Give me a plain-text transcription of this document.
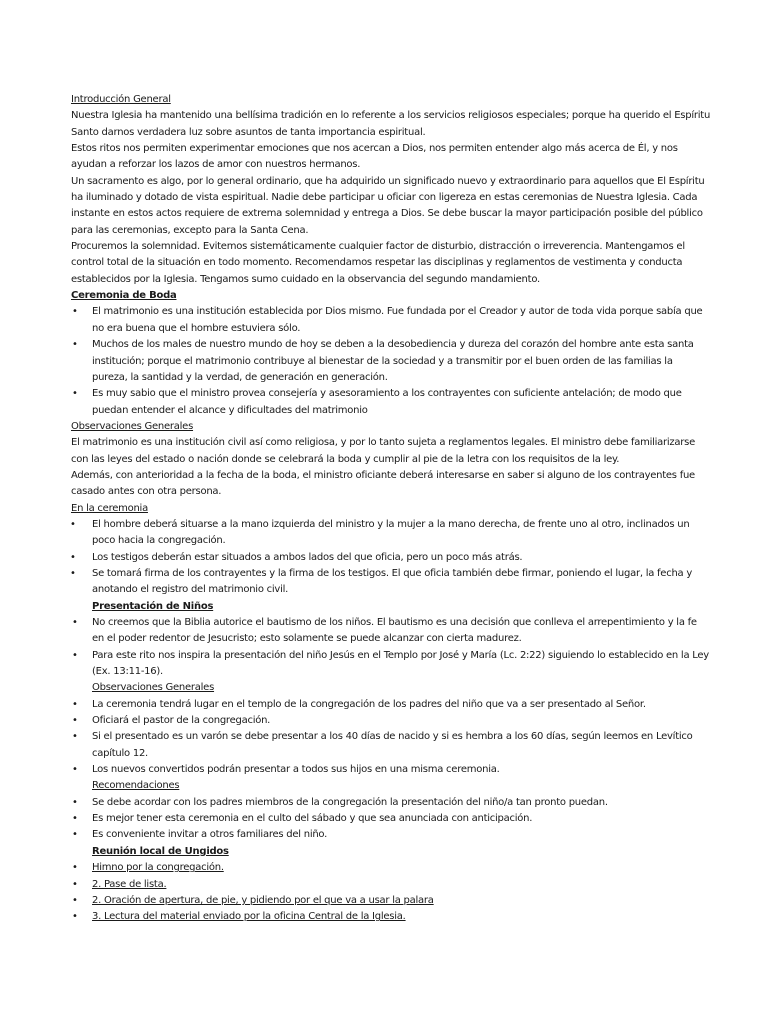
Introducción General

Nuestra Iglesia ha mantenido una bellísima tradición en lo referente a los servicios religiosos especiales; porque ha querido el Espíritu Santo darnos verdadera luz sobre asuntos de tanta importancia espiritual.

Estos ritos nos permiten experimentar emociones que nos acercan a Dios, nos permiten entender algo más acerca de Él, y nos ayudan a reforzar los lazos de amor con nuestros hermanos.

Un sacramento es algo, por lo general ordinario, que ha adquirido un significado nuevo y extraordinario para aquellos que El Espíritu ha iluminado y dotado de vista espiritual. Nadie debe participar u oficiar con ligereza en estas ceremonias de Nuestra Iglesia. Cada instante en estos actos requiere de extrema solemnidad y entrega a Dios. Se debe buscar la mayor participación posible del público para las ceremonias, excepto para la Santa Cena.

Procuremos la solemnidad. Evitemos sistemáticamente cualquier factor de disturbio, distracción o irreverencia. Mantengamos el control total de la situación en todo momento. Recomendamos respetar las disciplinas y reglamentos de vestimenta y conducta establecidos por la Iglesia. Tengamos sumo cuidado en la observancia del segundo mandamiento.

Ceremonia de Boda

El matrimonio es una institución establecida por Dios mismo. Fue fundada por el Creador y autor de toda vida porque sabía que no era buena que el hombre estuviera sólo.
Muchos de los males de nuestro mundo de hoy se deben a la desobediencia y dureza del corazón del hombre ante esta santa institución; porque el matrimonio contribuye al bienestar de la sociedad y a transmitir por el buen orden de las familias la pureza, la santidad y la verdad, de generación en generación.
Es muy sabio que el ministro provea consejería y asesoramiento a los contrayentes con suficiente antelación; de modo que puedan entender el alcance y dificultades del matrimonio

Observaciones Generales

El matrimonio es una institución civil así como religiosa, y por lo tanto sujeta a reglamentos legales. El ministro debe familiarizarse con las leyes del estado o nación donde se celebrará la boda y cumplir al pie de la letra con los requisitos de la ley.

Además, con anterioridad a la fecha de la boda, el ministro oficiante deberá interesarse en saber si alguno de los contrayentes fue casado antes con otra persona.

En la ceremonia

El hombre deberá situarse a la mano izquierda del ministro y la mujer a la mano derecha, de frente uno al otro, inclinados un poco hacia la congregación.
Los testigos deberán estar situados a ambos lados del que oficia, pero un poco más atrás.
Se tomará firma de los contrayentes y la firma de los testigos. El que oficia también debe firmar, poniendo el lugar, la fecha y anotando el registro del matrimonio civil.

Presentación de Niños

No creemos que la Biblia autorice el bautismo de los niños. El bautismo es una decisión que conlleva el arrepentimiento y la fe en el poder redentor de Jesucristo; esto solamente se puede alcanzar con cierta madurez.
Para este rito nos inspira la presentación del niño Jesús en el Templo por José y María (Lc. 2:22) siguiendo lo establecido en la Ley (Ex. 13:11-16).

Observaciones Generales

La ceremonia tendrá lugar en el templo de la congregación de los padres del niño que va a ser presentado al Señor.
Oficiará el pastor de la congregación.
Si el presentado es un varón se debe presentar a los 40 días de nacido y si es hembra a los 60 días, según leemos en Levítico capítulo 12.
Los nuevos convertidos podrán presentar a todos sus hijos en una misma ceremonia.

Recomendaciones

Se debe acordar con los padres miembros de la congregación la presentación del niño/a tan pronto puedan.
Es mejor tener esta ceremonia en el culto del sábado y que sea anunciada con anticipación.
Es conveniente invitar a otros familiares del niño.

Reunión local de Ungidos

Himno por la congregación.
2. Pase de lista.
2. Oración de apertura, de pie, y pidiendo por el que va a usar la palara
3. Lectura del material enviado por la oficina Central de la Iglesia.
